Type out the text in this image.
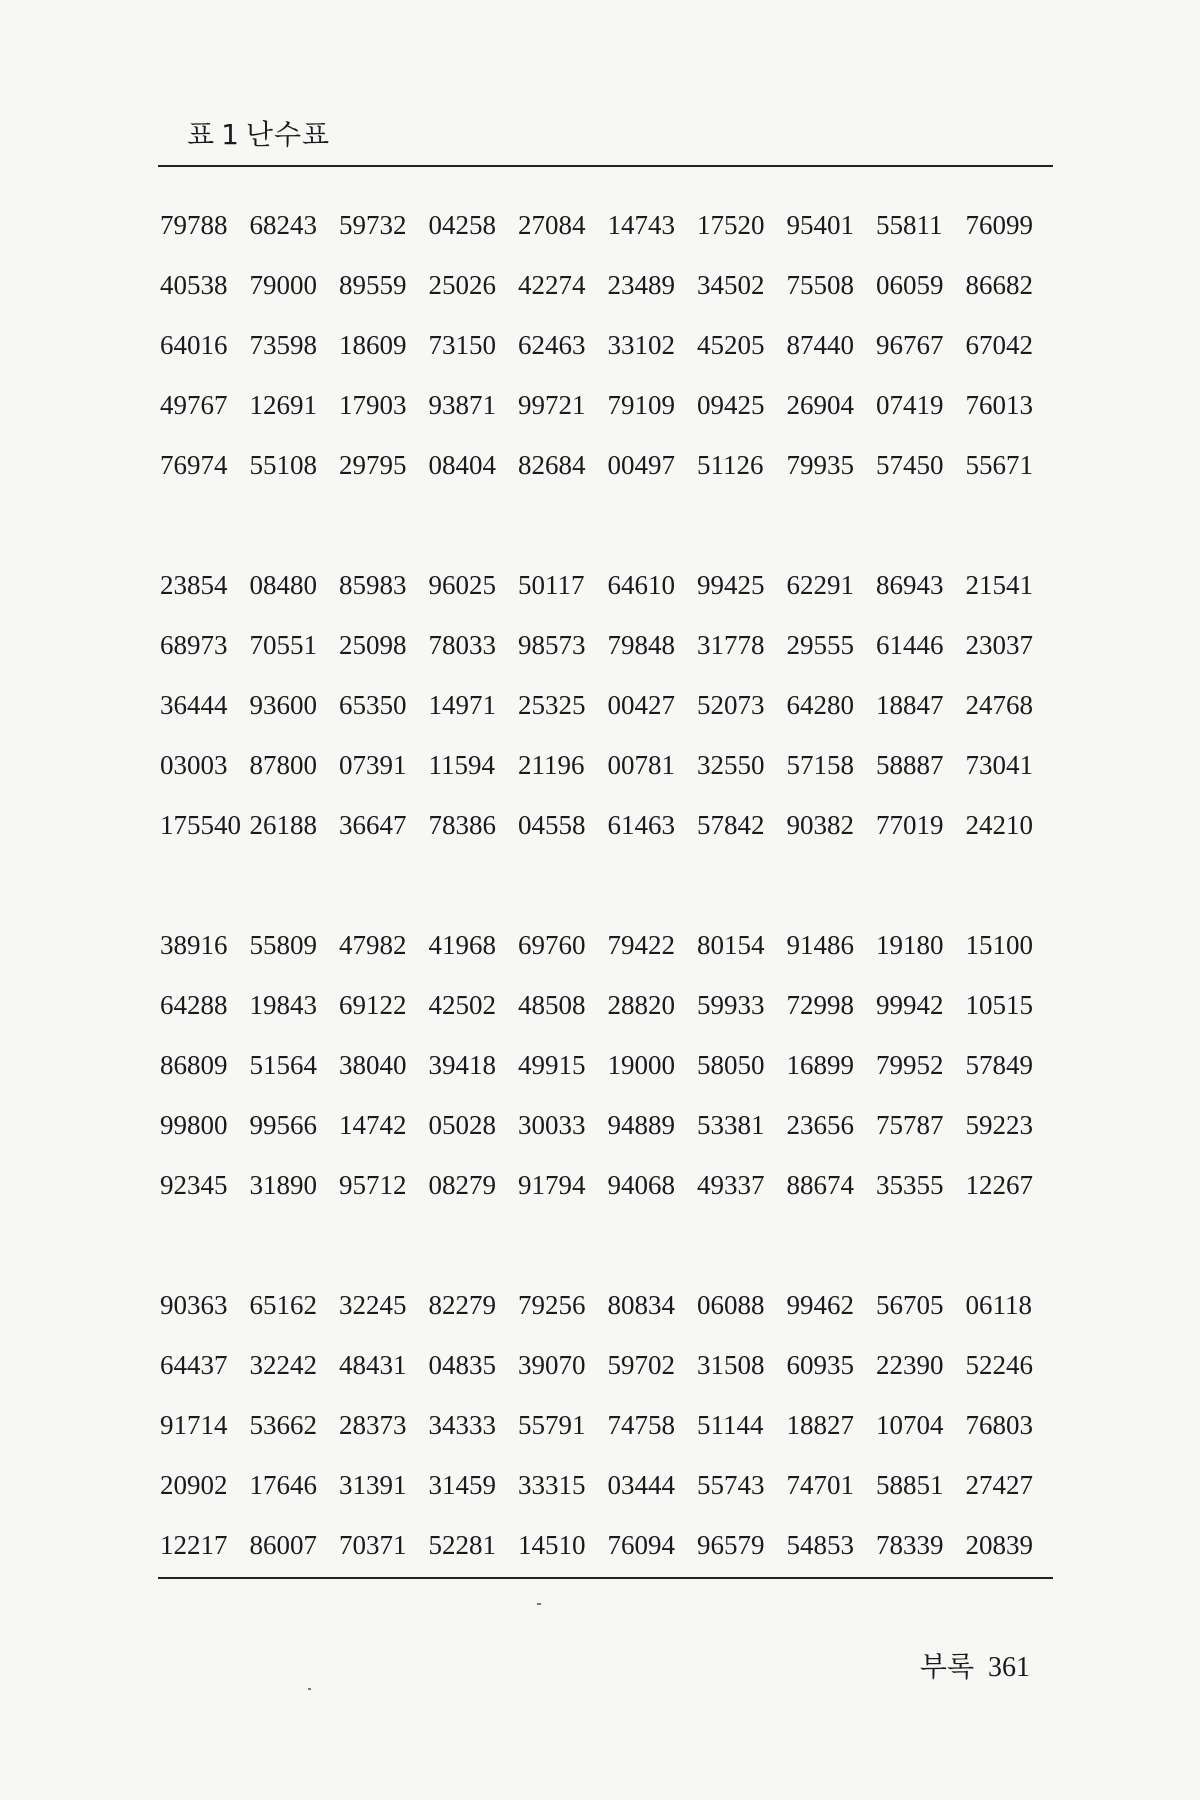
표 1 난수표
79788 68243 59732 04258 27084 14743 17520 95401 55811 76099
40538 79000 89559 25026 42274 23489 34502 75508 06059 86682
64016 73598 18609 73150 62463 33102 45205 87440 96767 67042
49767 12691 17903 93871 99721 79109 09425 26904 07419 76013
76974 55108 29795 08404 82684 00497 51126 79935 57450 55671
23854 08480 85983 96025 50117 64610 99425 62291 86943 21541
68973 70551 25098 78033 98573 79848 31778 29555 61446 23037
36444 93600 65350 14971 25325 00427 52073 64280 18847 24768
03003 87800 07391 11594 21196 00781 32550 57158 58887 73041
175540 26188 36647 78386 04558 61463 57842 90382 77019 24210
38916 55809 47982 41968 69760 79422 80154 91486 19180 15100
64288 19843 69122 42502 48508 28820 59933 72998 99942 10515
86809 51564 38040 39418 49915 19000 58050 16899 79952 57849
99800 99566 14742 05028 30033 94889 53381 23656 75787 59223
92345 31890 95712 08279 91794 94068 49337 88674 35355 12267
90363 65162 32245 82279 79256 80834 06088 99462 56705 06118
64437 32242 48431 04835 39070 59702 31508 60935 22390 52246
91714 53662 28373 34333 55791 74758 51144 18827 10704 76803
20902 17646 31391 31459 33315 03444 55743 74701 58851 27427
12217 86007 70371 52281 14510 76094 96579 54853 78339 20839
부록 361
